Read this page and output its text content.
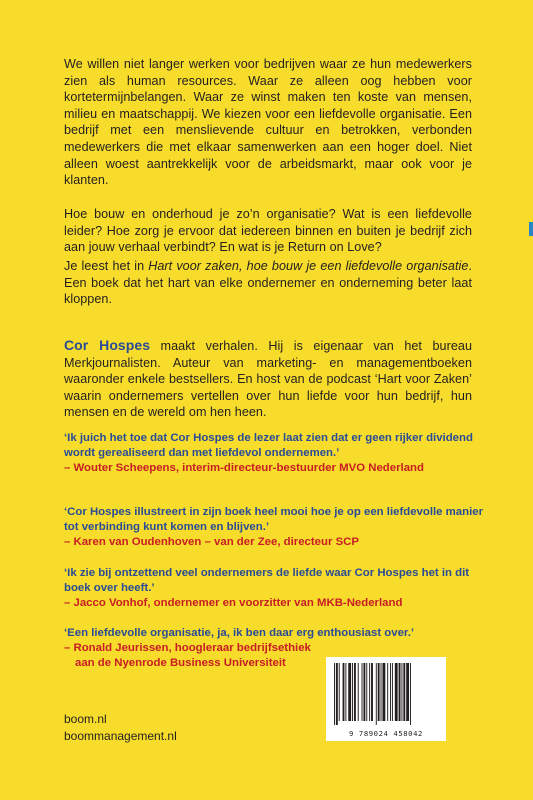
We willen niet langer werken voor bedrijven waar ze hun medewerkers zien als human resources. Waar ze alleen oog hebben voor kortetermijnbelangen. Waar ze winst maken ten koste van mensen, milieu en maatschappij. We kiezen voor een liefdevolle organisatie. Een bedrijf met een menslievende cultuur en betrokken, verbonden medewerkers die met elkaar samenwerken aan een hoger doel. Niet alleen woest aantrekkelijk voor de arbeidsmarkt, maar ook voor je klanten.

Hoe bouw en onderhoud je zo’n organisatie? Wat is een liefdevolle leider? Hoe zorg je ervoor dat iedereen binnen en buiten je bedrijf zich aan jouw verhaal verbindt? En wat is je Return on Love?

Je leest het in Hart voor zaken, hoe bouw je een liefdevolle organisatie. Een boek dat het hart van elke ondernemer en onderneming beter laat kloppen.

Cor Hospes maakt verhalen. Hij is eigenaar van het bureau Merkjournalisten. Auteur van marketing- en managementboeken waaronder enkele bestsellers. En host van de podcast ‘Hart voor Zaken’ waarin ondernemers vertellen over hun liefde voor hun bedrijf, hun mensen en de wereld om hen heen.

‘Ik juich het toe dat Cor Hospes de lezer laat zien dat er geen rijker dividend wordt gerealiseerd dan met liefdevol ondernemen.’
– Wouter Scheepens, interim-directeur-bestuurder MVO Nederland

‘Cor Hospes illustreert in zijn boek heel mooi hoe je op een liefdevolle manier tot verbinding kunt komen en blijven.’
– Karen van Oudenhoven – van der Zee, directeur SCP

‘Ik zie bij ontzettend veel ondernemers de liefde waar Cor Hospes het in dit boek over heeft.’
– Jacco Vonhof, ondernemer en voorzitter van MKB-Nederland

‘Een liefdevolle organisatie, ja, ik ben daar erg enthousiast over.’
– Ronald Jeurissen, hoogleraar bedrijfsethiek
aan de Nyenrode Business Universiteit

boom.nl
boommanagement.nl	9 789024 458042
